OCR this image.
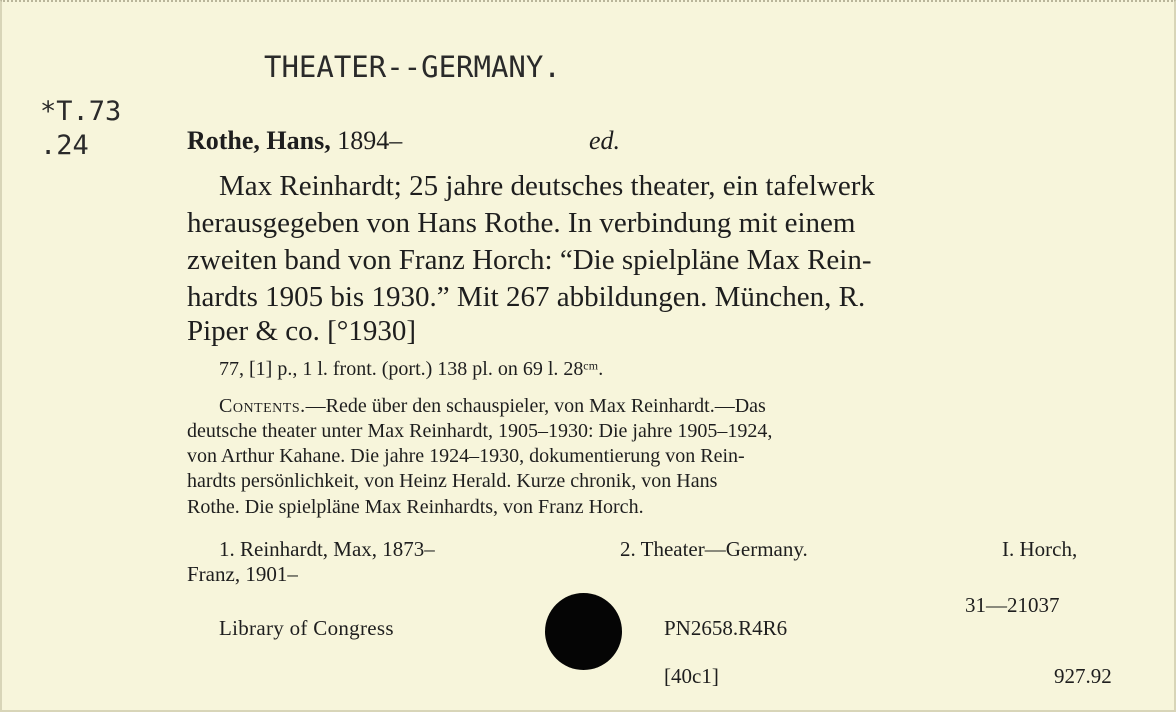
THEATER--GERMANY.
*T.73
.24	Rothe, Hans, 1894–	ed.
Max Reinhardt; 25 jahre deutsches theater, ein tafelwerk
herausgegeben von Hans Rothe. In verbindung mit einem
zweiten band von Franz Horch: “Die spielpläne Max Rein-
hardts 1905 bis 1930.” Mit 267 abbildungen. München, R.
Piper & co. [°1930]
77, [1] p., 1 l. front. (port.) 138 pl. on 69 l. 28ᶜᵐ.
Contents.—Rede über den schauspieler, von Max Reinhardt.—Das
deutsche theater unter Max Reinhardt, 1905–1930: Die jahre 1905–1924,
von Arthur Kahane. Die jahre 1924–1930, dokumentierung von Rein-
hardts persönlichkeit, von Heinz Herald. Kurze chronik, von Hans
Rothe. Die spielpläne Max Reinhardts, von Franz Horch.
1. Reinhardt, Max, 1873–	2. Theater—Germany.	I. Horch,
Franz, 1901–
31—21037
Library of Congress	PN2658.R4R6
[40c1]	927.92
